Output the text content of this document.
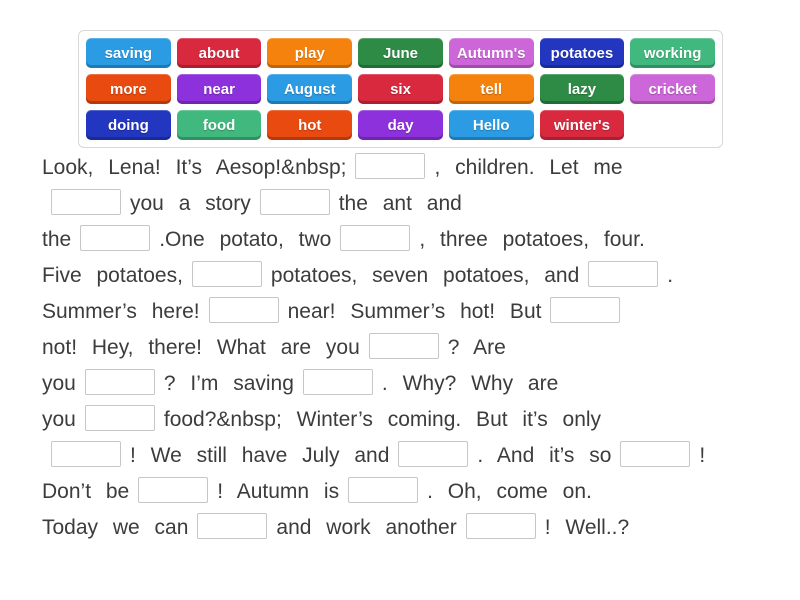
saving	about	play	June	Autumn's	potatoes	working
more	near	August	six	tell	lazy	cricket
doing	food	hot	day	Hello	winter's
Look, Lena! It’s Aesop!&nbsp;	, children. Let me
you a story	the ant and
the	.One potato, two	, three potatoes, four.
Five potatoes,	potatoes, seven potatoes, and	.
Summer’s here!	near! Summer’s hot! But
not! Hey, there! What are you	? Are
you	? I’m saving	. Why? Why are
you	food?&nbsp; Winter’s coming. But it’s only
! We still have July and	. And it’s so	!
Don’t be	! Autumn is	. Oh, come on.
Today we can	and work another	! Well..?
